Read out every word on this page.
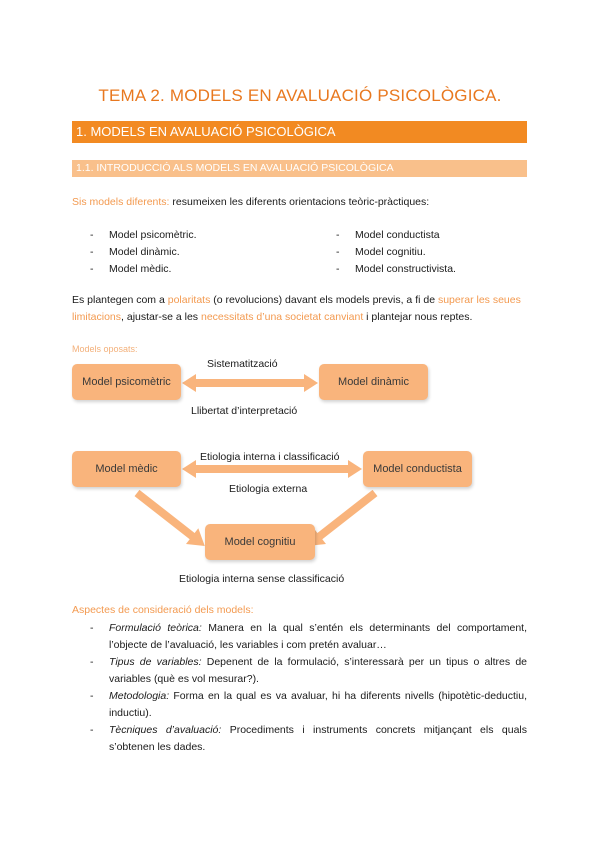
TEMA 2. MODELS EN AVALUACIÓ PSICOLÒGICA.
1. MODELS EN AVALUACIÓ PSICOLÒGICA
1.1. INTRODUCCIÓ ALS MODELS EN AVALUACIÓ PSICOLÒGICA
Sis models diferents: resumeixen les diferents orientacions teòric-pràctiques:
- Model psicomètric.
- Model dinàmic.
- Model mèdic.
- Model conductista
- Model cognitiu.
- Model constructivista.
Es plantegen com a polaritats (o revolucions) davant els models previs, a fi de superar les seues limitacions, ajustar-se a les necessitats d’una societat canviant i plantejar nous reptes.
Models oposats:
Sistematització
Model psicomètric	Model dinàmic
Llibertat d’interpretació
Etiologia interna i classificació
Model mèdic	Model conductista
Etiologia externa
Model cognitiu
Etiologia interna sense classificació
Aspectes de consideració dels models:
- Formulació teòrica: Manera en la qual s’entén els determinants del comportament, l’objecte de l’avaluació, les variables i com pretén avaluar…
- Tipus de variables: Depenent de la formulació, s’interessarà per un tipus o altres de variables (què es vol mesurar?).
- Metodologia: Forma en la qual es va avaluar, hi ha diferents nivells (hipotètic-deductiu, inductiu).
- Tècniques d’avaluació: Procediments i instruments concrets mitjançant els quals s’obtenen les dades.
